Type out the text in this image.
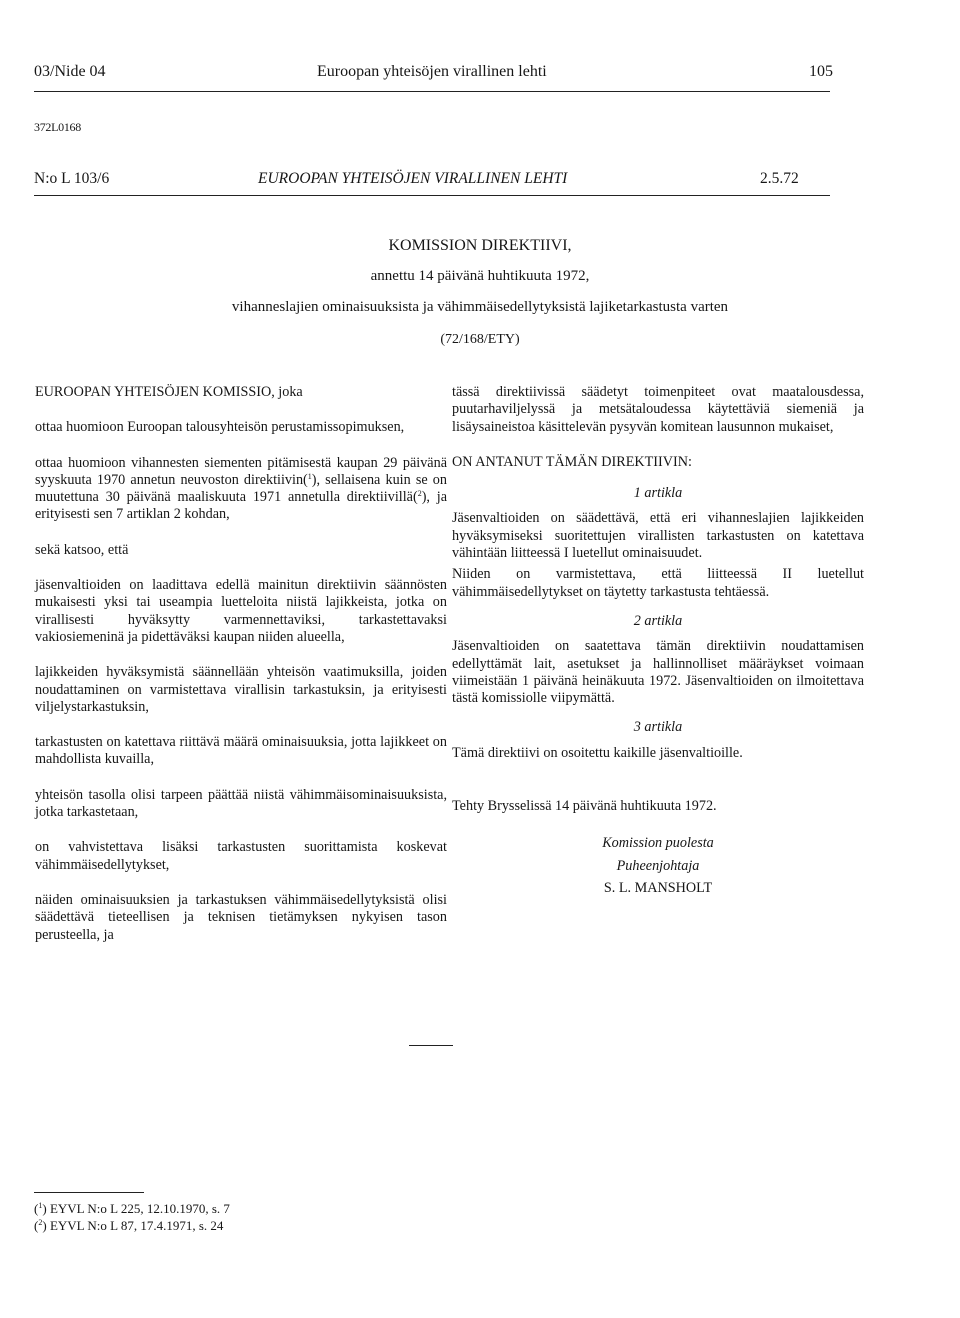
03/Nide 04	Euroopan yhteisöjen virallinen lehti	105
372L0168
N:o L 103/6	EUROOPAN YHTEISÖJEN VIRALLINEN LEHTI	2.5.72
KOMISSION DIREKTIIVI,
annettu 14 päivänä huhtikuuta 1972,
vihanneslajien ominaisuuksista ja vähimmäisedellytyksistä lajiketarkastusta varten
(72/168/ETY)

EUROOPAN YHTEISÖJEN KOMISSIO, joka

ottaa huomioon Euroopan talousyhteisön perustamissopimuksen,

ottaa huomioon vihannesten siementen pitämisestä kaupan 29 päivänä syyskuuta 1970 annetun neuvoston direktiivin($^1$), sellaisena kuin se on muutettuna 30 päivänä maaliskuuta 1971 annetulla direktiivillä($^2$), ja erityisesti sen 7 artiklan 2 kohdan,

sekä katsoo, että

jäsenvaltioiden on laadittava edellä mainitun direktiivin säännösten mukaisesti yksi tai useampia luetteloita niistä lajikkeista, jotka on virallisesti hyväksytty varmennettaviksi, tarkastettavaksi vakiosiemeninä ja pidettäväksi kaupan niiden alueella,

lajikkeiden hyväksymistä säännellään yhteisön vaatimuksilla, joiden noudattaminen on varmistettava virallisin tarkastuksin, ja erityisesti viljelystarkastuksin,

tarkastusten on katettava riittävä määrä ominaisuuksia, jotta lajikkeet on mahdollista kuvailla,

yhteisön tasolla olisi tarpeen päättää niistä vähimmäisominaisuuksista, jotka tarkastetaan,

on vahvistettava lisäksi tarkastusten suorittamista koskevat vähimmäisedellytykset,

näiden ominaisuuksien ja tarkastuksen vähimmäisedellytyksistä olisi säädettävä tieteellisen ja teknisen tietämyksen nykyisen tason perusteella, ja

tässä direktiivissä säädetyt toimenpiteet ovat maatalousdessa, puutarhaviljelyssä ja metsätaloudessa käytettäviä siemeniä ja lisäysaineistoa käsittelevän pysyvän komitean lausunnon mukaiset,

ON ANTANUT TÄMÄN DIREKTIIVIN:

1 artikla

Jäsenvaltioiden on säädettävä, että eri vihanneslajien lajikkeiden hyväksymiseksi suoritettujen virallisten tarkastusten on katettava vähintään liitteessä I luetellut ominaisuudet.

Niiden on varmistettava, että liitteessä II luetellut vähimmäisedellytykset on täytetty tarkastusta tehtäessä.

2 artikla

Jäsenvaltioiden on saatettava tämän direktiivin noudattamisen edellyttämät lait, asetukset ja hallinnolliset määräykset voimaan viimeistään 1 päivänä heinäkuuta 1972. Jäsenvaltioiden on ilmoitettava tästä komissiolle viipymättä.

3 artikla

Tämä direktiivi on osoitettu kaikille jäsenvaltioille.

Tehty Brysselissä 14 päivänä huhtikuuta 1972.

Komission puolesta

Puheenjohtaja

S. L. MANSHOLT

($^1$) EYVL N:o L 225, 12.10.1970, s. 7
($^2$) EYVL N:o L 87, 17.4.1971, s. 24
